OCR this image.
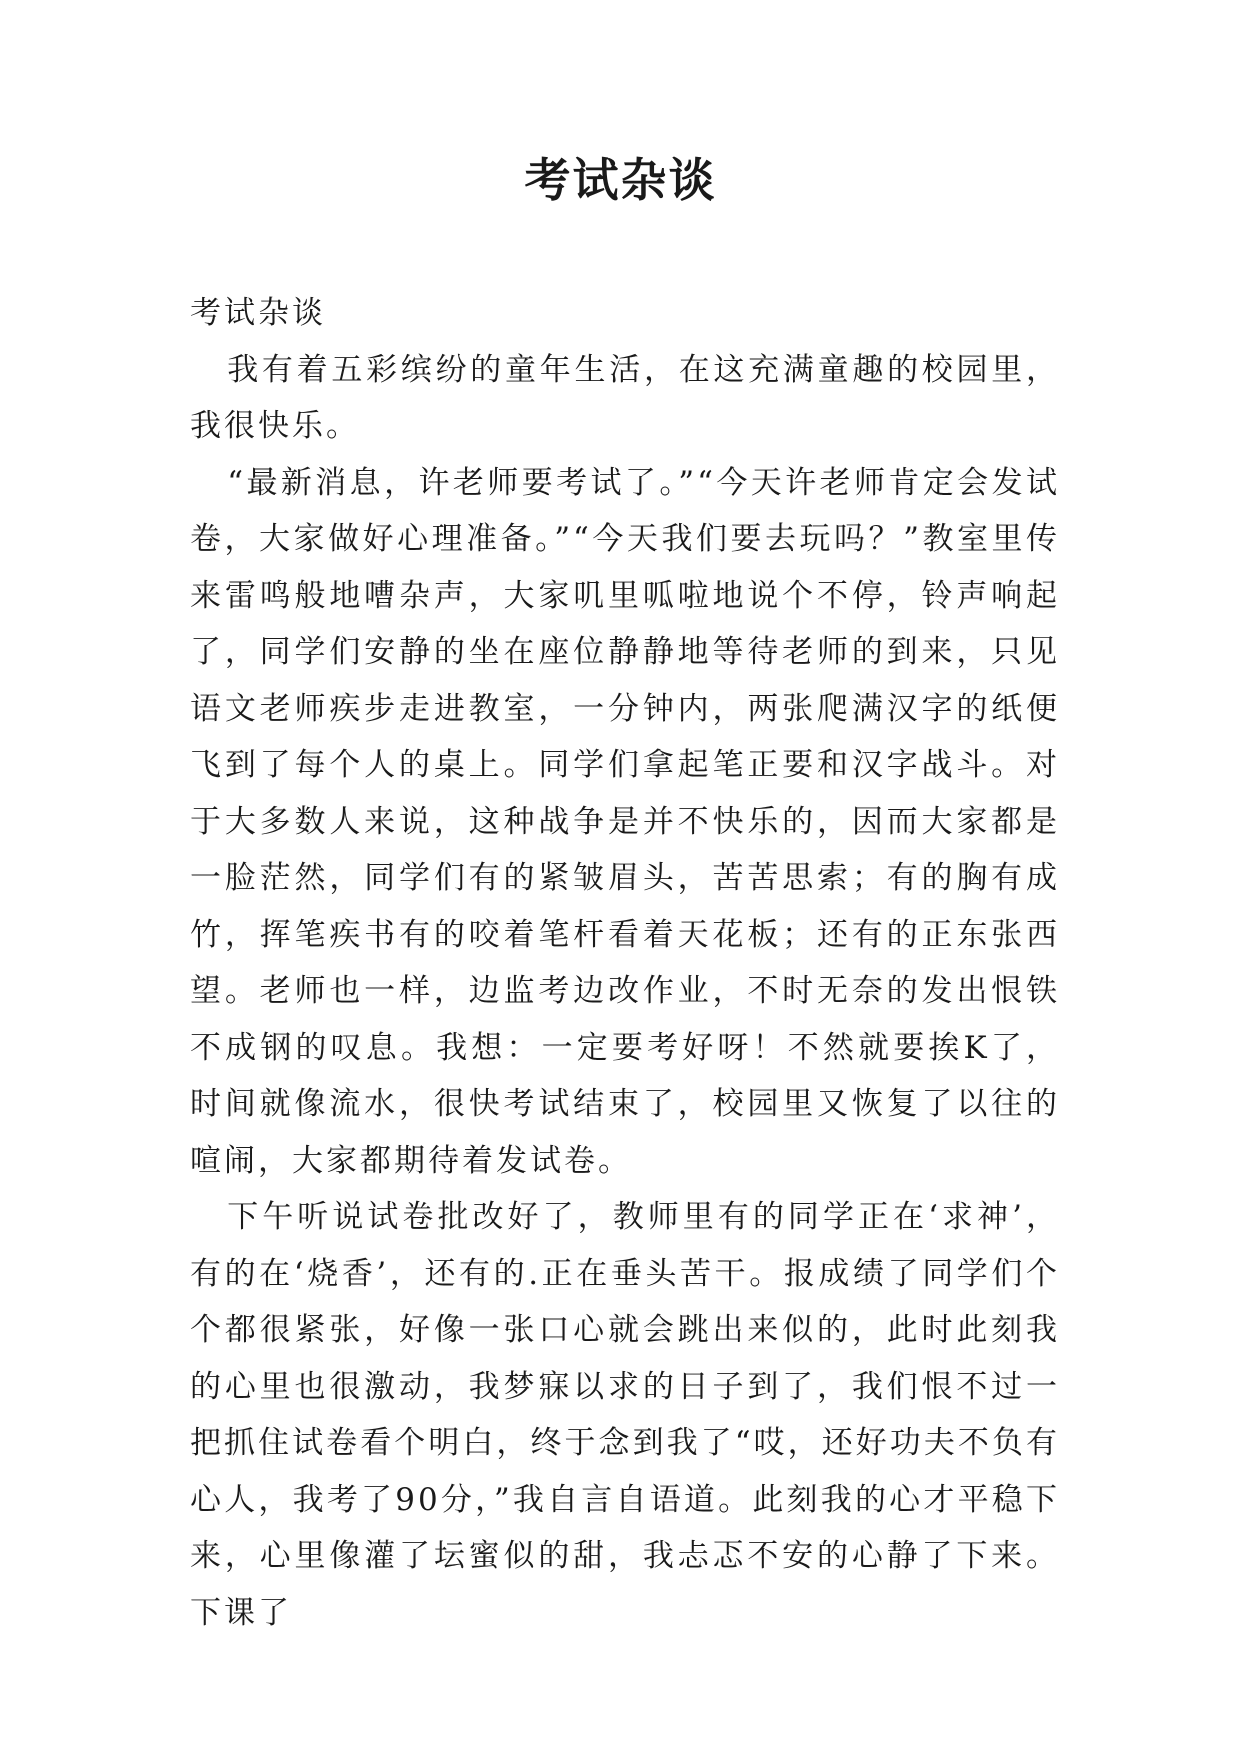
考试杂谈

考试杂谈

我有着五彩缤纷的童年生活，在这充满童趣的校园里，我很快乐。

“最新消息，许老师要考试了。”“今天许老师肯定会发试卷，大家做好心理准备。”“今天我们要去玩吗？”教室里传来雷鸣般地嘈杂声，大家叽里呱啦地说个不停，铃声响起了，同学们安静的坐在座位静静地等待老师的到来，只见语文老师疾步走进教室，一分钟内，两张爬满汉字的纸便飞到了每个人的桌上。同学们拿起笔正要和汉字战斗。对于大多数人来说，这种战争是并不快乐的，因而大家都是一脸茫然，同学们有的紧皱眉头，苦苦思索；有的胸有成竹，挥笔疾书有的咬着笔杆看着天花板；还有的正东张西望。老师也一样，边监考边改作业，不时无奈的发出恨铁不成钢的叹息。我想：一定要考好呀！不然就要挨K了，时间就像流水，很快考试结束了，校园里又恢复了以往的喧闹，大家都期待着发试卷。

下午听说试卷批改好了，教师里有的同学正在‘求神’，有的在‘烧香’，还有的.正在垂头苦干。报成绩了同学们个个都很紧张，好像一张口心就会跳出来似的，此时此刻我的心里也很激动，我梦寐以求的日子到了，我们恨不过一把抓住试卷看个明白，终于念到我了“哎，还好功夫不负有心人，我考了90分，”我自言自语道。此刻我的心才平稳下来，心里像灌了坛蜜似的甜，我忐忑不安的心静了下来。 下课了
